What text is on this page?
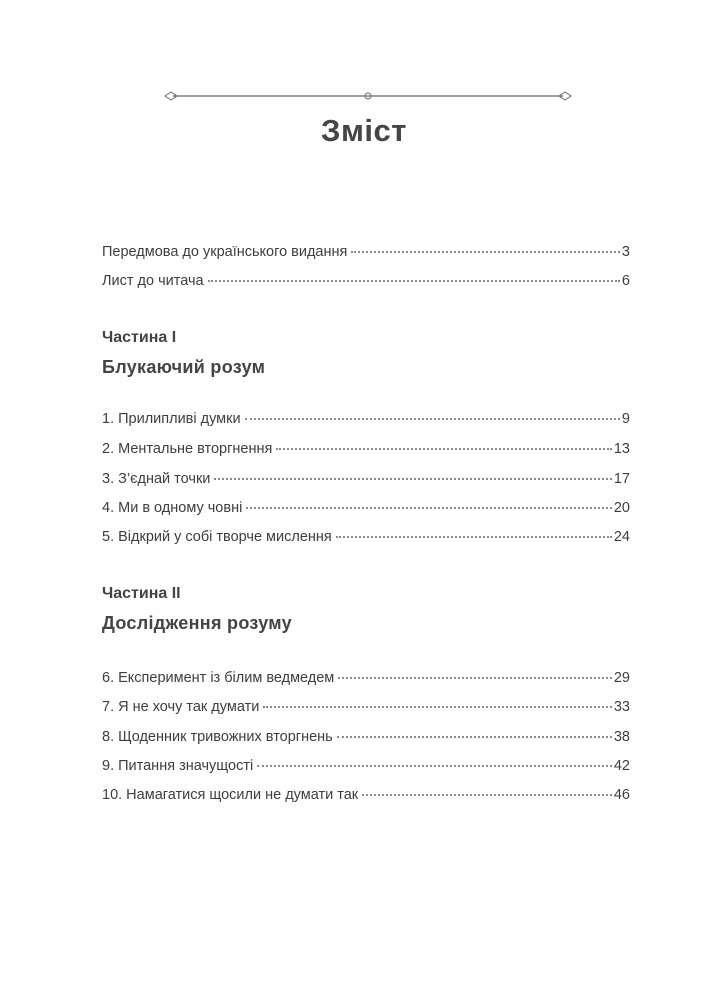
Зміст
Передмова до українського видання	3
Лист до читача	6
Частина І
Блукаючий розум
1. Прилипливі думки	9
2. Ментальне вторгнення	13
3. З’єднай точки	17
4. Ми в одному човні	20
5. Відкрий у собі творче мислення	24
Частина ІІ
Дослідження розуму
6. Експеримент із білим ведмедем	29
7. Я не хочу так думати	33
8. Щоденник тривожних вторгнень	38
9. Питання значущості	42
10. Намагатися щосили не думати так	46
